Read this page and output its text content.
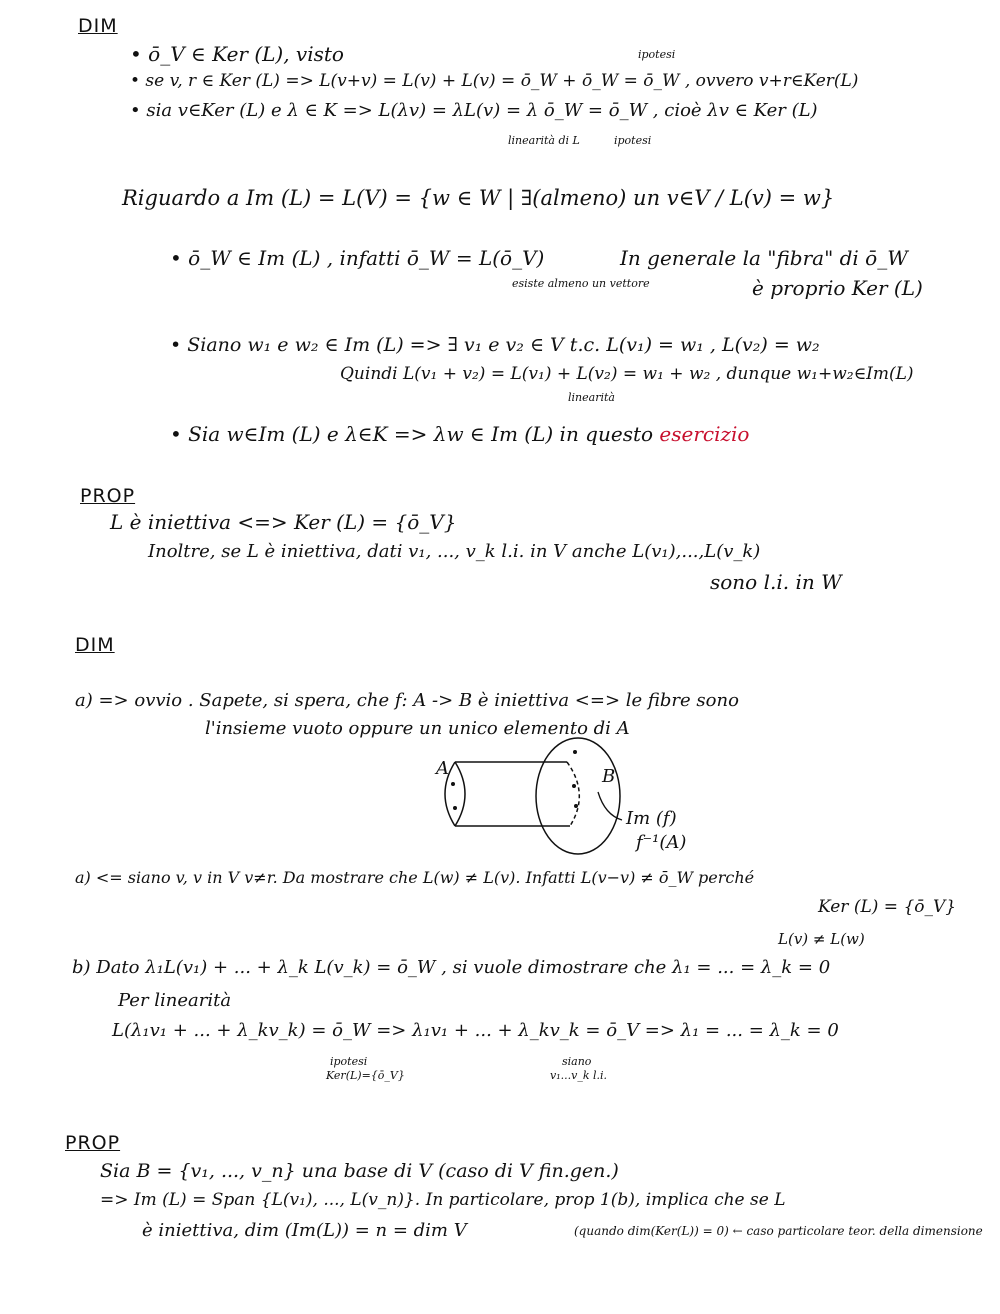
DIM
• ō_V ∈ Ker (L), visto	ipotesi
• se v, r ∈ Ker (L) => L(v+v) = L(v) + L(v) = ō_W + ō_W = ō_W , ovvero v+r∈Ker(L)
• sia v∈Ker (L) e λ ∈ K => L(λv) = λL(v) = λ ō_W = ō_W , cioè λv ∈ Ker (L)
linearità di L	ipotesi
Riguardo a Im (L) = L(V) = {w ∈ W | ∃(almeno) un v∈V / L(v) = w}
• ō_W ∈ Im (L) , infatti ō_W = L(ō_V)
esiste almeno un vettore
In generale la "fibra" di ō_W
è proprio Ker (L)
• Siano w₁ e w₂ ∈ Im (L) => ∃ v₁ e v₂ ∈ V t.c. L(v₁) = w₁ , L(v₂) = w₂
Quindi L(v₁ + v₂) = L(v₁) + L(v₂) = w₁ + w₂ , dunque w₁+w₂∈Im(L)
linearità
• Sia w∈Im (L) e λ∈K => λw ∈ Im (L) in questo esercizio
PROP
L è iniettiva <=> Ker (L) = {ō_V}
Inoltre, se L è iniettiva, dati v₁, ..., v_k l.i. in V anche L(v₁),...,L(v_k)
sono l.i. in W
DIM
a) => ovvio . Sapete, si spera, che f: A -> B è iniettiva <=> le fibre sono
l'insieme vuoto oppure un unico elemento di A
A	B
Im (f)
f⁻¹(A)
a) <= siano v, v in V v≠r. Da mostrare che L(w) ≠ L(v). Infatti L(v−v) ≠ ō_W perché
Ker (L) = {ō_V}
L(v) ≠ L(w)
b) Dato λ₁L(v₁) + ... + λ_k L(v_k) = ō_W , si vuole dimostrare che λ₁ = ... = λ_k = 0
Per linearità
L(λ₁v₁ + ... + λ_kv_k) = ō_W => λ₁v₁ + ... + λ_kv_k = ō_V => λ₁ = ... = λ_k = 0
ipotesi
Ker(L)={ō_V}
siano
v₁...v_k l.i.
PROP
Sia B = {v₁, ..., v_n} una base di V (caso di V fin.gen.)
=> Im (L) = Span {L(v₁), ..., L(v_n)}. In particolare, prop 1(b), implica che se L
è iniettiva, dim (Im(L)) = n = dim V	(quando dim(Ker(L)) = 0) ← caso particolare teor. della dimensione
